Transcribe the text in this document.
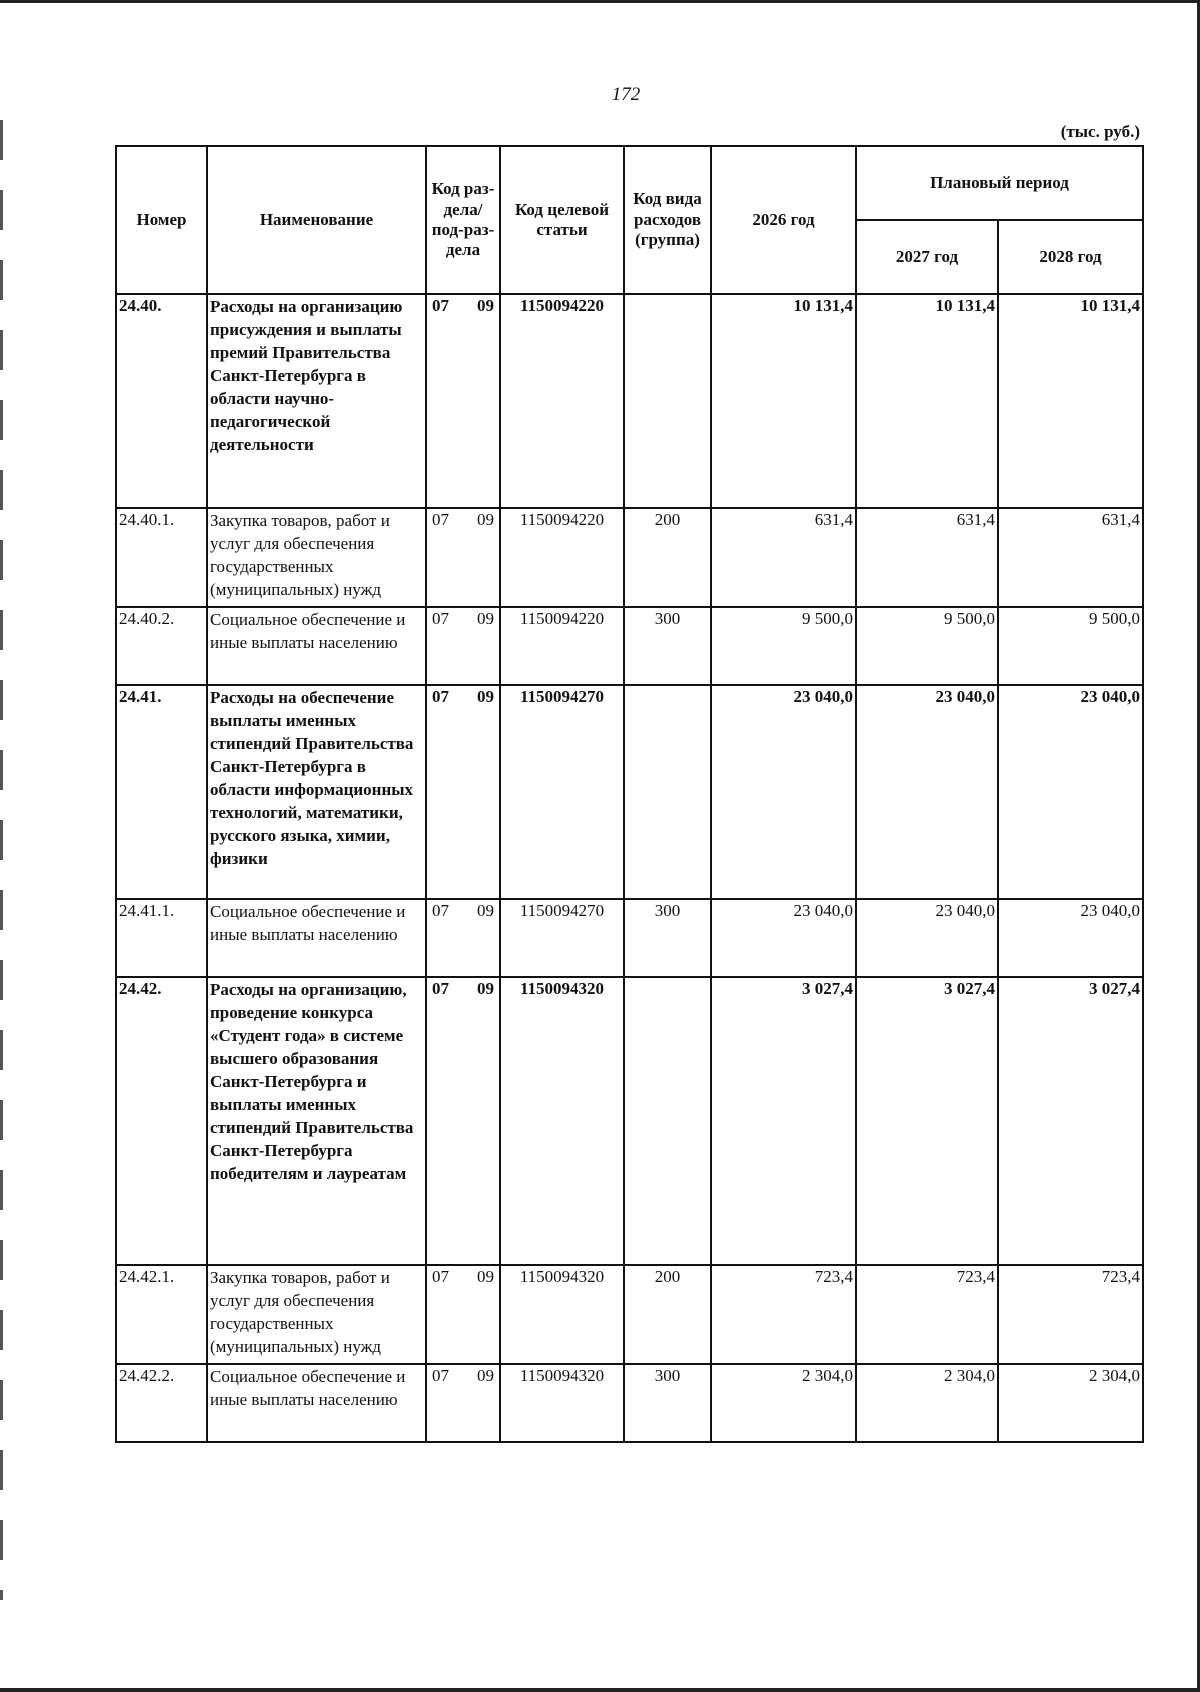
172
(тыс. руб.)
Номер	Наименование	Код раз-дела/ под-раз-дела	Код целевой статьи	Код вида расходов (группа)	2026 год	Плановый период	
						2027 год	2028 год
24.40.	Расходы на организацию присуждения и выплаты премий Правительства Санкт-Петербурга в области научно-педагогической деятельности	07 09	1150094220		10 131,4	10 131,4	10 131,4
24.40.1.	Закупка товаров, работ и услуг для обеспечения государственных (муниципальных) нужд	07 09	1150094220	200	631,4	631,4	631,4
24.40.2.	Социальное обеспечение и иные выплаты населению	07 09	1150094220	300	9 500,0	9 500,0	9 500,0
24.41.	Расходы на обеспечение выплаты именных стипендий Правительства Санкт-Петербурга в области информационных технологий, математики, русского языка, химии, физики	07 09	1150094270		23 040,0	23 040,0	23 040,0
24.41.1.	Социальное обеспечение и иные выплаты населению	07 09	1150094270	300	23 040,0	23 040,0	23 040,0
24.42.	Расходы на организацию, проведение конкурса «Студент года» в системе высшего образования Санкт-Петербурга и выплаты именных стипендий Правительства Санкт-Петербурга победителям и лауреатам	07 09	1150094320		3 027,4	3 027,4	3 027,4
24.42.1.	Закупка товаров, работ и услуг для обеспечения государственных (муниципальных) нужд	07 09	1150094320	200	723,4	723,4	723,4
24.42.2.	Социальное обеспечение и иные выплаты населению	07 09	1150094320	300	2 304,0	2 304,0	2 304,0
